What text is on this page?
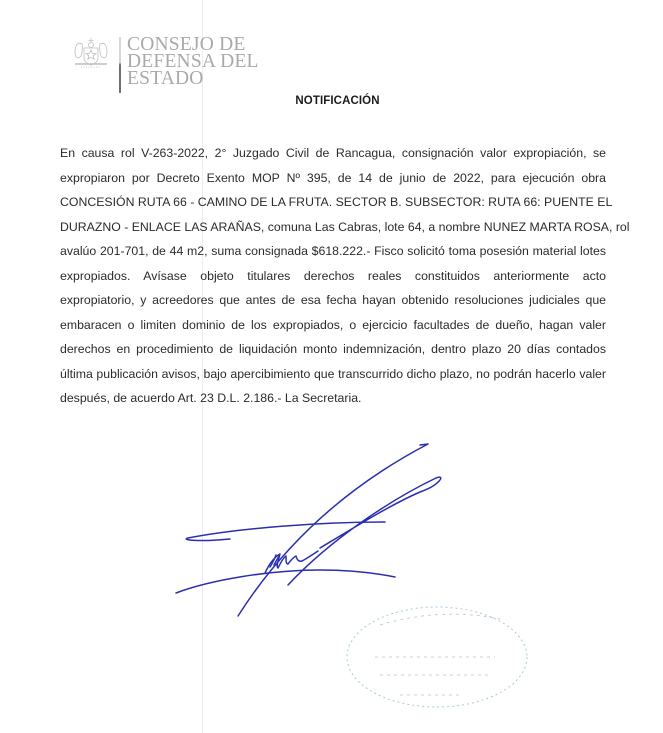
CONSEJO DE
DEFENSA DEL
ESTADO
NOTIFICACIÓN
En causa rol V-263-2022, 2° Juzgado Civil de Rancagua, consignación valor expropiación, se
expropiaron por Decreto Exento MOP Nº 395, de 14 de junio de 2022, para ejecución obra
CONCESIÓN RUTA 66 - CAMINO DE LA FRUTA. SECTOR B. SUBSECTOR: RUTA 66: PUENTE EL
DURAZNO - ENLACE LAS ARAÑAS, comuna Las Cabras, lote 64, a nombre NUNEZ MARTA ROSA, rol
avalúo 201-701, de 44 m2, suma consignada $618.222.- Fisco solicitó toma posesión material lotes
expropiados. Avísase objeto titulares derechos reales constituidos anteriormente acto
expropiatorio, y acreedores que antes de esa fecha hayan obtenido resoluciones judiciales que
embaracen o limiten dominio de los expropiados, o ejercicio facultades de dueño, hagan valer
derechos en procedimiento de liquidación monto indemnización, dentro plazo 20 días contados
última publicación avisos, bajo apercibimiento que transcurrido dicho plazo, no podrán hacerlo valer
después, de acuerdo Art. 23 D.L. 2.186.- La Secretaria.
